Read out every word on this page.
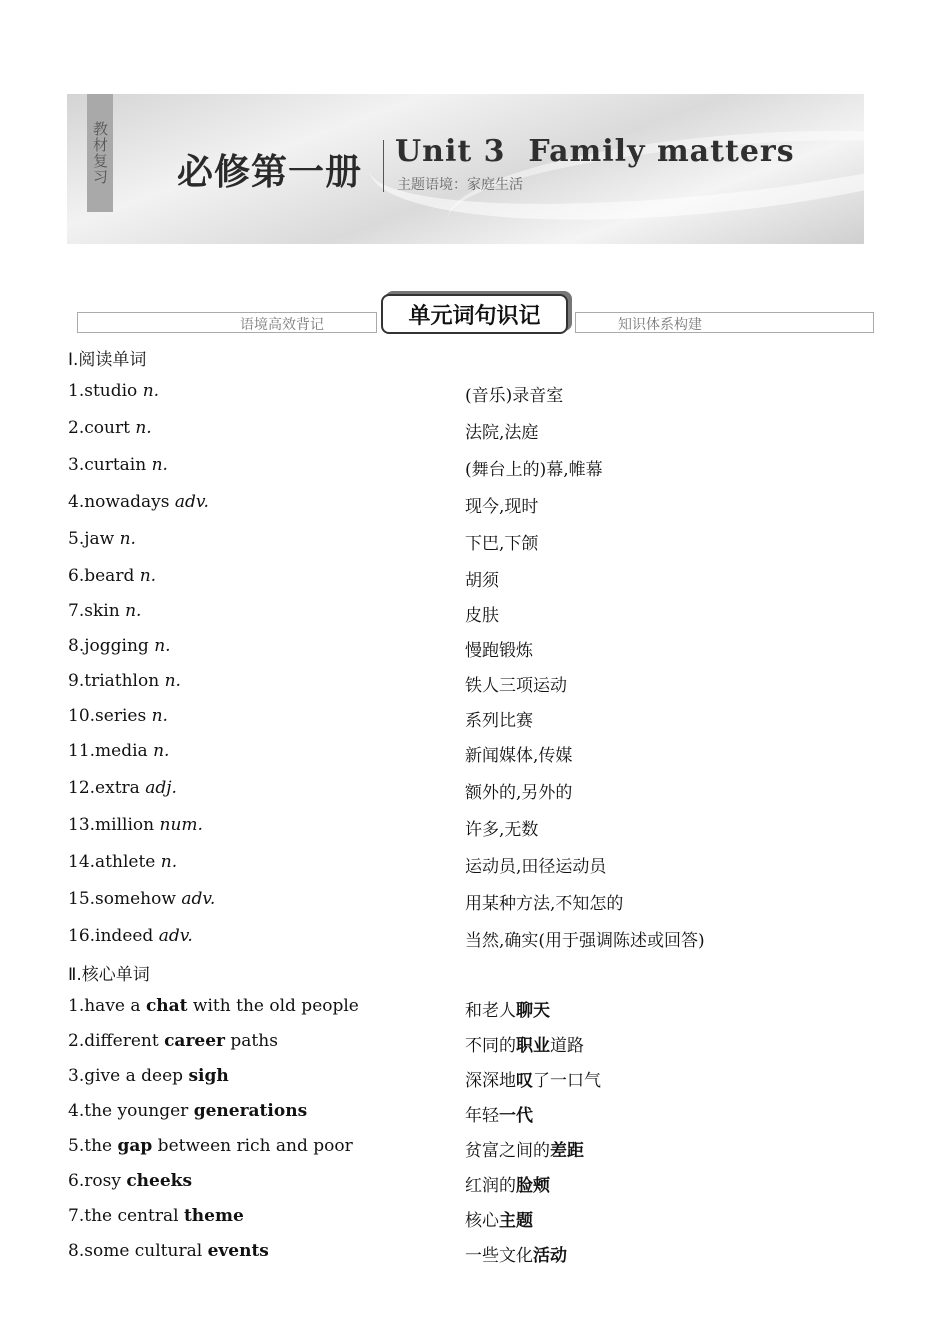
教材复习 必修第一册
Unit 3  Family matters
主题语境：家庭生活
语境高效背记	知识体系构建
单元词句识记
Ⅰ.阅读单词
1.studio n.	(音乐)录音室
2.court n.	法院,法庭
3.curtain n.	(舞台上的)幕,帷幕
4.nowadays adv.	现今,现时
5.jaw n.	下巴,下颌
6.beard n.	胡须
7.skin n.	皮肤
8.jogging n.	慢跑锻炼
9.triathlon n.	铁人三项运动
10.series n.	系列比赛
11.media n.	新闻媒体,传媒
12.extra adj.	额外的,另外的
13.million num.	许多,无数
14.athlete n.	运动员,田径运动员
15.somehow adv.	用某种方法,不知怎的
16.indeed adv.	当然,确实(用于强调陈述或回答)
Ⅱ.核心单词
1.have a chat with the old people	和老人聊天
2.different career paths	不同的职业道路
3.give a deep sigh	深深地叹了一口气
4.the younger generations	年轻一代
5.the gap between rich and poor	贫富之间的差距
6.rosy cheeks	红润的脸颊
7.the central theme	核心主题
8.some cultural events	一些文化活动
